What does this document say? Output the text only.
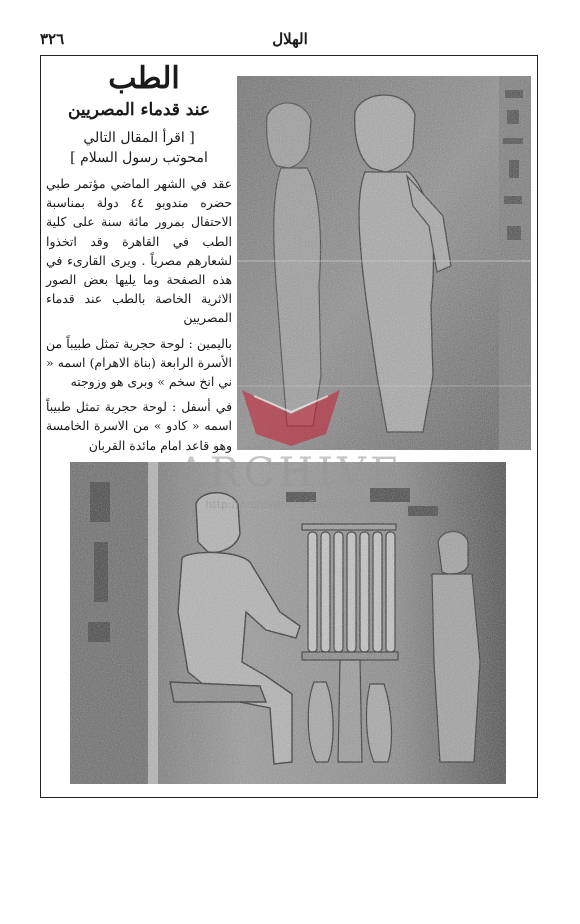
٣٢٦	الهلال
الطب
عند قدماء المصريين
[ اقرأ المقال التالي
امحوتب رسول السلام ]

عقد في الشهر الماضي مؤتمر طبي حضره مندوبو ٤٤ دولة بمناسبة الاحتفال بمرور مائة سنة على كلية الطب في القاهرة وقد اتخذوا لشعارهم مصرياً . ويرى القارىء في هذه الصفحة وما يليها بعض الصور الاثرية الخاصة بالطب عند قدماء المصريين

باليمين : لوحة حجرية تمثل طبيباً من الأسرة الرابعة (بناة الاهرام) اسمه « ني انخ سخم » وبرى هو وزوجته

في أسفل : لوحة حجرية تمثل طبيباً اسمه « كادو » من الاسرة الخامسة وهو قاعد امام مائدة القربان

ARCHIVE
http://Archivebeta.Sakhrit.com
